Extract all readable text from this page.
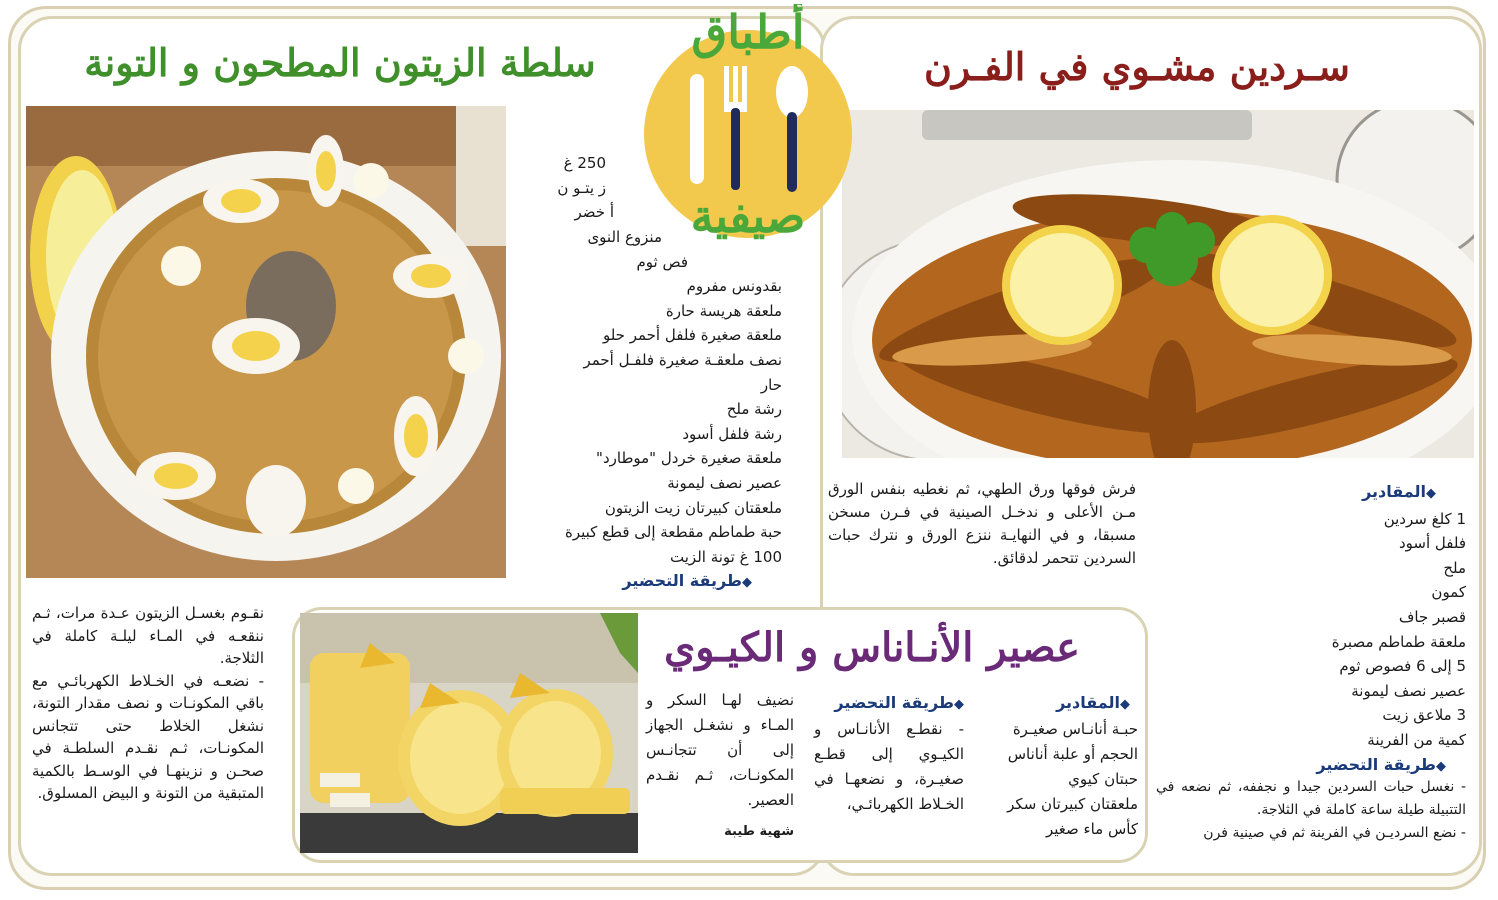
سلطة الزيتون المطحون و التونة

250 غ
ز يتـو ن
أ خضر
منزوع النوى
فص ثوم
بقدونس مفروم
ملعقة هريسة حارة
ملعقة صغيرة فلفل أحمر حلو
نصف ملعقـة صغيرة فلفـل أحمر
حار
رشة ملح
رشة فلفل أسود
ملعقة صغيرة خردل "موطارد"
عصير نصف ليمونة
ملعقتان كبيرتان زيت الزيتون
حبة طماطم مقطعة إلى قطع كبيرة
100 غ تونة الزيت
◆طريقة التحضير
نقـوم بغسـل الزيتون عـدة مرات، ثـم ننقعـه في المـاء ليلـة كاملة في الثلاجة.
- نضعـه في الخـلاط الكهربائـي مع باقي المكونـات و نصف مقدار التونة، نشغل الخلاط حتى تتجانس المكونـات، ثـم نقـدم السلطـة في صحـن و نزينهـا في الوسـط بالكمية المتبقية من التونة و البيض المسلوق.
سـردين مشـوي في الفـرن
فرش فوقها ورق الطهي، ثم نغطيه بنفس الورق مـن الأعلى و ندخـل الصينية في فـرن مسخن مسبقا، و في النهايـة ننزع الورق و نترك حبات السردين تتحمر لدقائق.
◆المقادير
1 كلغ سردين
فلفل أسود
ملح
كمون
قصبر جاف
ملعقة طماطم مصبرة
5 إلى 6 فصوص ثوم
عصير نصف ليمونة
3 ملاعق زيت
كمية من الفرينة
◆طريقة التحضير
- نغسل حبات السردين جيدا و نجففه، ثم نضعه في التتبيلة طيلة ساعة كاملة في الثلاجة.
- نضع السرديـن في الفرينة ثم في صينية فرن
عصير الأنـاناس و الكيـوي
نضيف لهـا السكر و المـاء و نشغـل الجهاز إلى أن تتجانـس المكونـات، ثـم نقـدم العصير.
شهية طيبة
◆طريقة التحضير
- نقطـع الأنانـاس و الكيـوي إلى قطـع صغيـرة، و نضعهـا في الخـلاط الكهربائـي،
◆المقادير
حبـة أنانـاس صغيـرة الحجم أو علبة أناناس
حبتان كيوي
ملعقتان كبيرتان سكر
كأس ماء صغير
أطباق
صيفية
